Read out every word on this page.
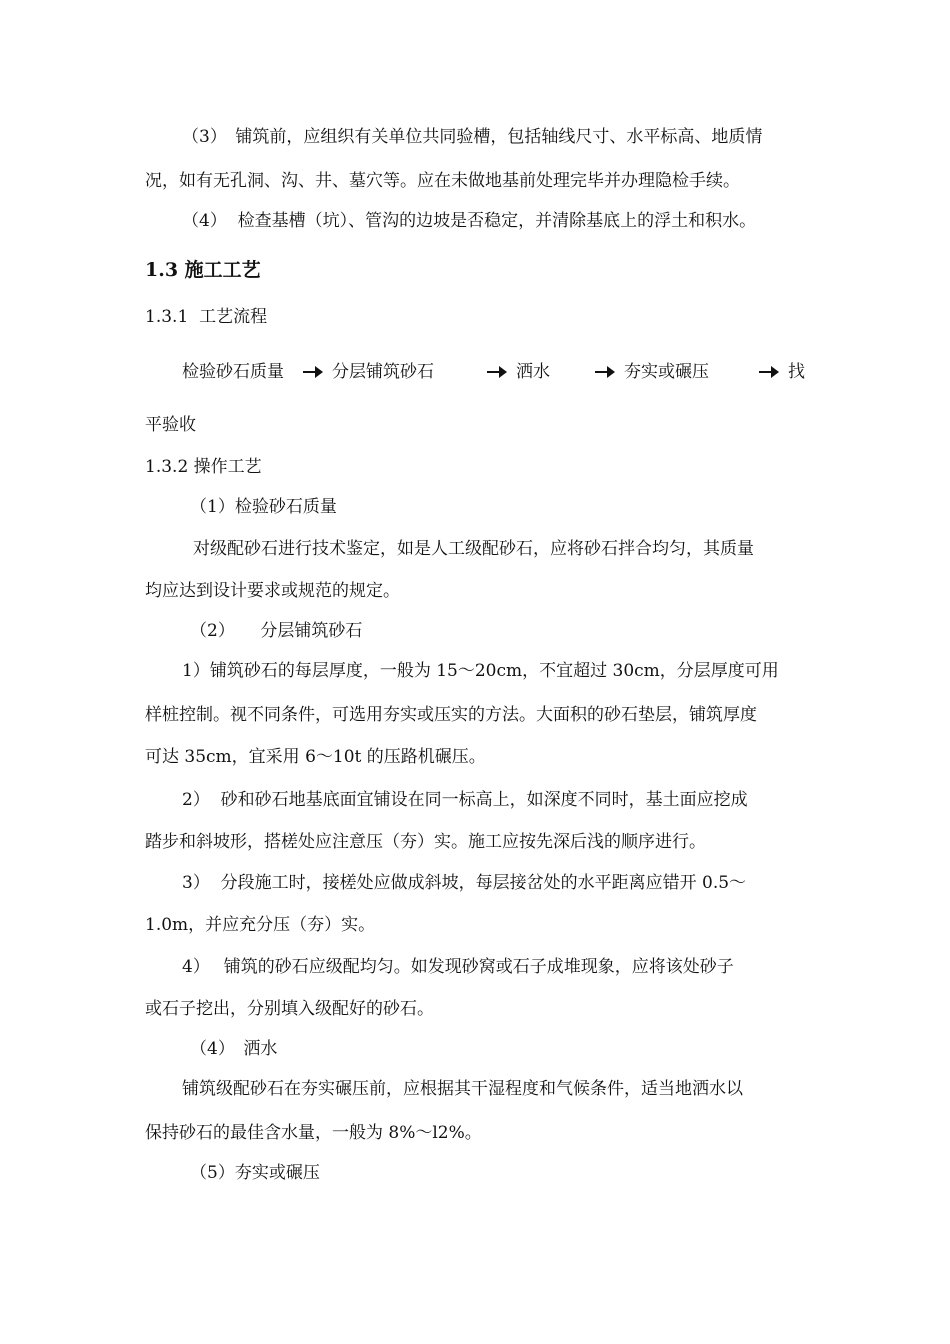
（3）　铺筑前，应组织有关单位共同验槽，包括轴线尺寸、水平标高、地质情
况，如有无孔洞、沟、井、墓穴等。应在未做地基前处理完毕并办理隐检手续。
（4）  检查基槽（坑）、管沟的边坡是否稳定，并清除基底上的浮土和积水。
1.3 施工工艺
1.3.1  工艺流程
检验砂石质量	分层铺筑砂石	洒水	夯实或碾压	找
平验收
1.3.2 操作工艺
（1）检验砂石质量
对级配砂石进行技术鉴定，如是人工级配砂石，应将砂石拌合均匀，其质量
均应达到设计要求或规范的规定。
（2）　　分层铺筑砂石
1）铺筑砂石的每层厚度，一般为 15～20cm，不宜超过 30cm，分层厚度可用
样桩控制。视不同条件，可选用夯实或压实的方法。大面积的砂石垫层，铺筑厚度
可达 35cm，宜采用 6～10t 的压路机碾压。
2）  砂和砂石地基底面宜铺设在同一标高上，如深度不同时，基土面应挖成
踏步和斜坡形，搭槎处应注意压（夯）实。施工应按先深后浅的顺序进行。
3）  分段施工时，接槎处应做成斜坡，每层接岔处的水平距离应错开 0.5～
1.0m，并应充分压（夯）实。
4）　 铺筑的砂石应级配均匀。如发现砂窝或石子成堆现象，应将该处砂子
或石子挖出，分别填入级配好的砂石。
（4）　洒水
铺筑级配砂石在夯实碾压前，应根据其干湿程度和气候条件，适当地洒水以
保持砂石的最佳含水量，一般为 8%～l2%。
（5）夯实或碾压
